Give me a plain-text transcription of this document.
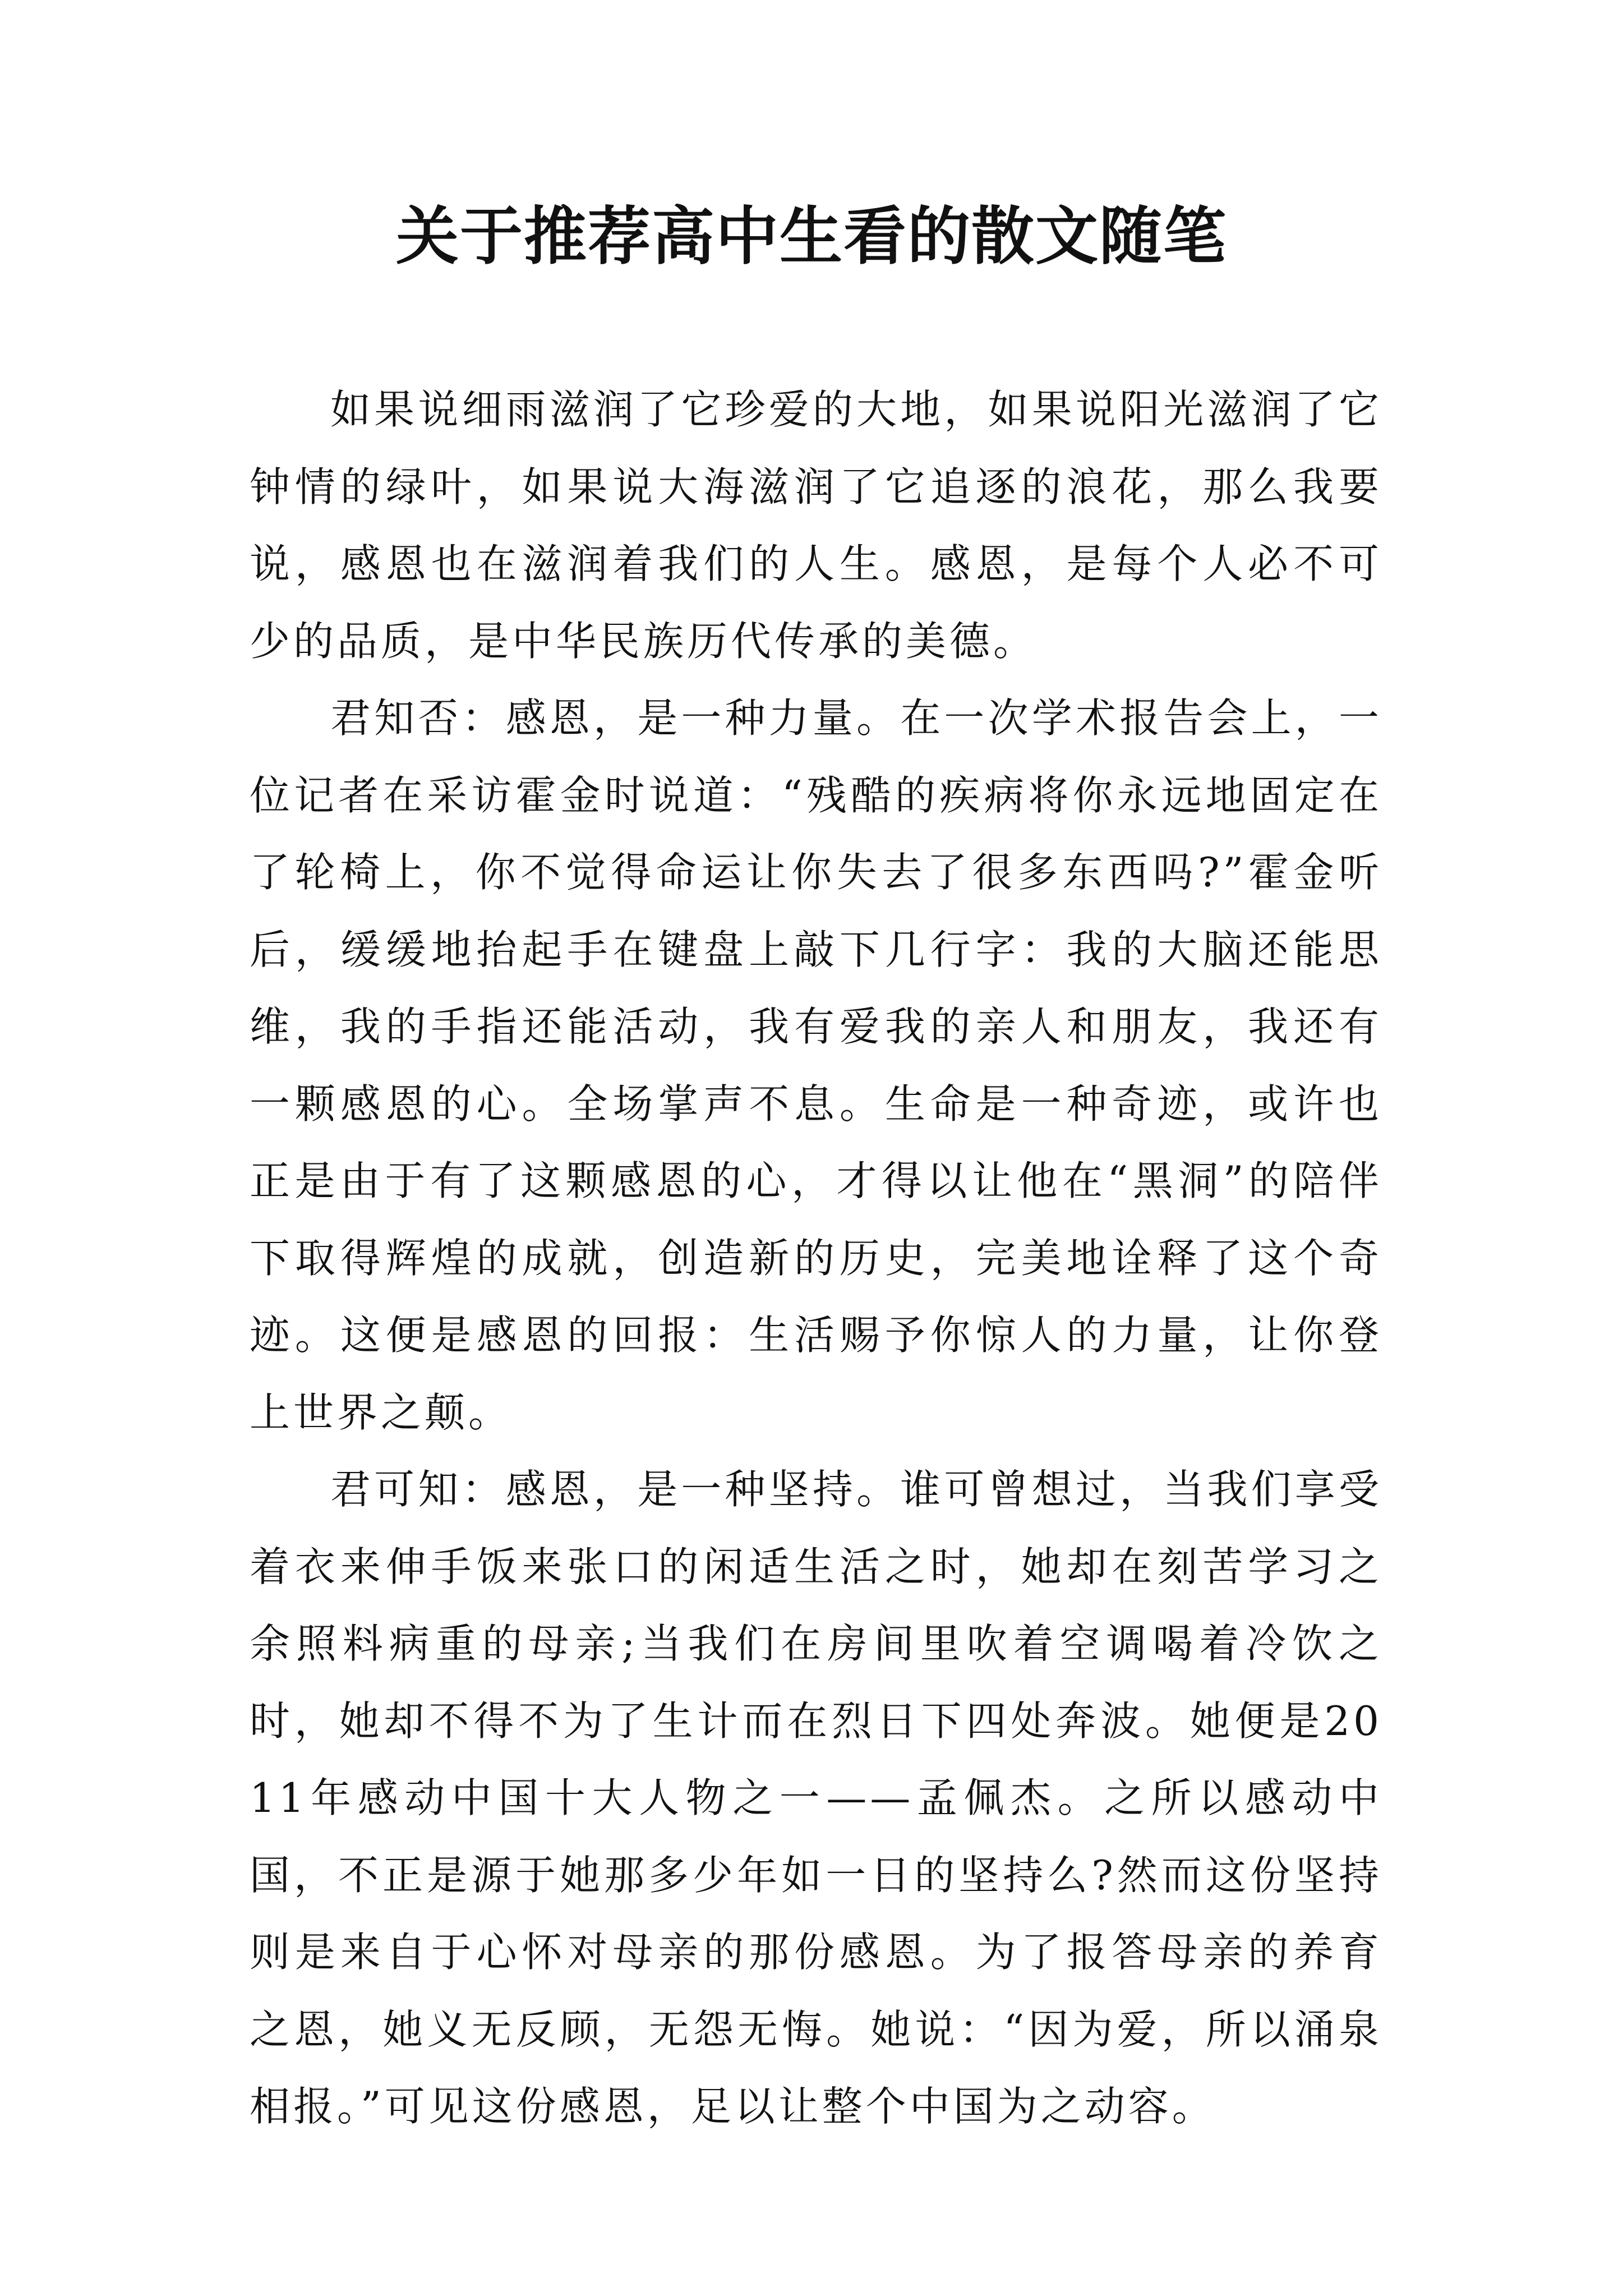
关于推荐高中生看的散文随笔

如果说细雨滋润了它珍爱的大地，如果说阳光滋润了它钟情的绿叶，如果说大海滋润了它追逐的浪花，那么我要说，感恩也在滋润着我们的人生。感恩，是每个人必不可少的品质，是中华民族历代传承的美德。

君知否：感恩，是一种力量。在一次学术报告会上，一位记者在采访霍金时说道：“残酷的疾病将你永远地固定在了轮椅上，你不觉得命运让你失去了很多东西吗?”霍金听后，缓缓地抬起手在键盘上敲下几行字：我的大脑还能思维，我的手指还能活动，我有爱我的亲人和朋友，我还有一颗感恩的心。全场掌声不息。生命是一种奇迹，或许也正是由于有了这颗感恩的心，才得以让他在“黑洞”的陪伴下取得辉煌的成就，创造新的历史，完美地诠释了这个奇迹。这便是感恩的回报：生活赐予你惊人的力量，让你登上世界之颠。

君可知：感恩，是一种坚持。谁可曾想过，当我们享受着衣来伸手饭来张口的闲适生活之时，她却在刻苦学习之余照料病重的母亲;当我们在房间里吹着空调喝着冷饮之时，她却不得不为了生计而在烈日下四处奔波。她便是2011年感动中国十大人物之一——孟佩杰。之所以感动中国，不正是源于她那多少年如一日的坚持么?然而这份坚持则是来自于心怀对母亲的那份感恩。为了报答母亲的养育之恩，她义无反顾，无怨无悔。她说：“因为爱，所以涌泉相报。”可见这份感恩，足以让整个中国为之动容。
